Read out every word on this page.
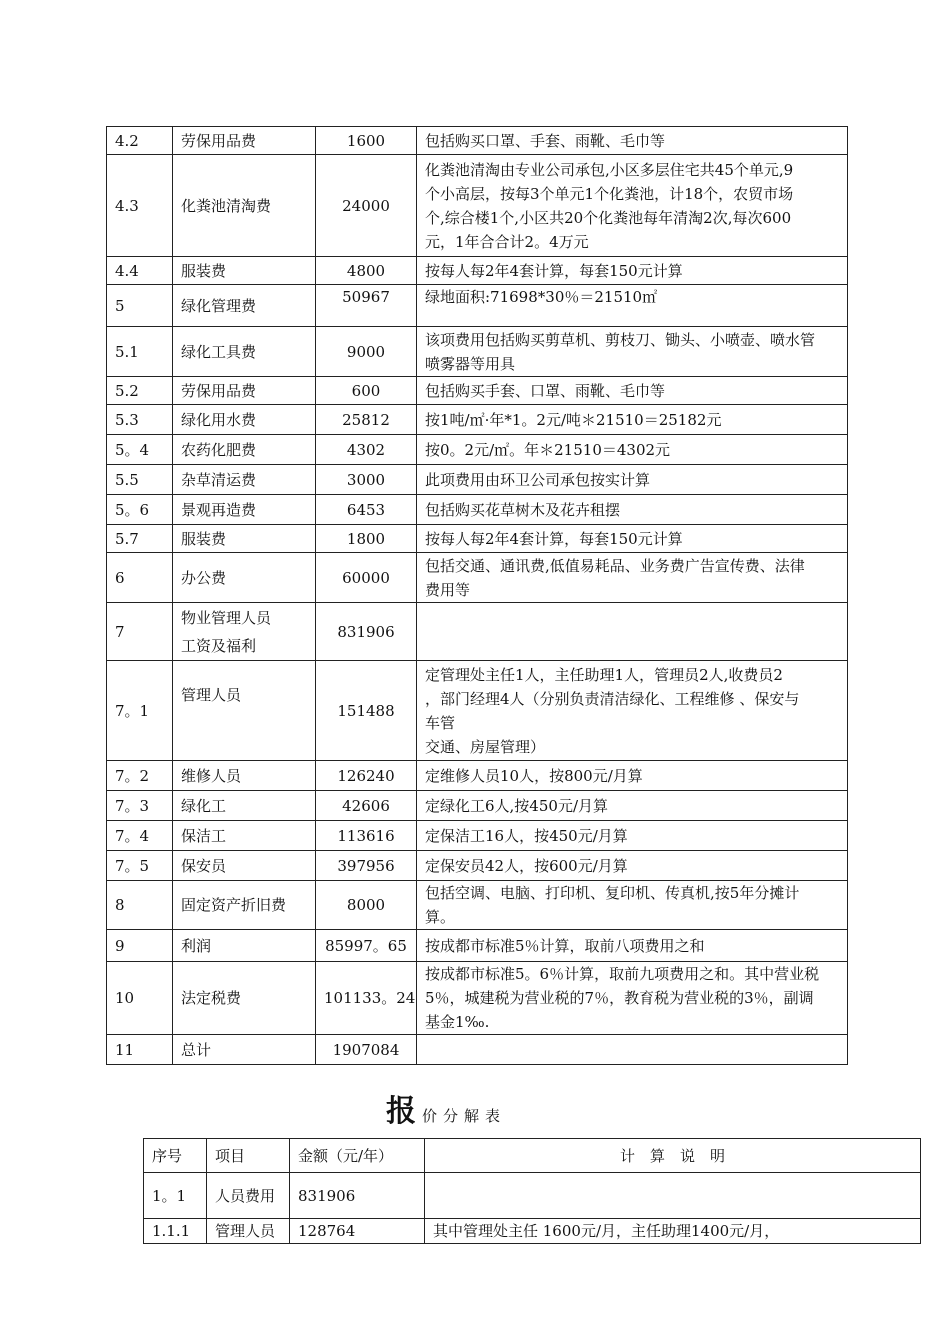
4.2	劳保用品费	1600	包括购买口罩、手套、雨靴、毛巾等

4.3	化粪池清淘费	24000	化粪池清淘由专业公司承包,小区多层住宅共45个单元,9
个小高层，按每3个单元1个化粪池，计18个，农贸市场
个,综合楼1个,小区共20个化粪池每年清淘2次,每次600
元，1年合合计2。4万元

4.4	服装费	4800	按每人每2年4套计算，每套150元计算

5	绿化管理费	50967	绿地面积:71698*30％＝21510㎡

5.1	绿化工具费	9000	该项费用包括购买剪草机、剪枝刀、锄头、小喷壶、喷水管
喷雾器等用具

5.2	劳保用品费	600	包括购买手套、口罩、雨靴、毛巾等

5.3	绿化用水费	25812	按1吨/㎡·年*1。2元/吨＊21510＝25182元

5。4	农药化肥费	4302	按0。2元/㎡。年＊21510＝4302元

5.5	杂草清运费	3000	此项费用由环卫公司承包按实计算

5。6	景观再造费	6453	包括购买花草树木及花卉租摆

5.7	服装费	1800	按每人每2年4套计算，每套150元计算

6	办公费	60000	包括交通、通讯费,低值易耗品、业务费广告宣传费、法律
费用等

7	物业管理人员
工资及福利	831906	

7。1	管理人员	151488	定管理处主任1人，主任助理1人，管理员2人,收费员2
，部门经理4人（分别负责清洁绿化、工程维修 、保安与
车管
交通、房屋管理）

7。2	维修人员	126240	定维修人员10人，按800元/月算

7。3	绿化工	42606	定绿化工6人,按450元/月算

7。4	保洁工	113616	定保洁工16人，按450元/月算

7。5	保安员	397956	定保安员42人，按600元/月算

8	固定资产折旧费	8000	包括空调、电脑、打印机、复印机、传真机,按5年分摊计
算。

9	利润	85997。65	按成都市标准5％计算，取前八项费用之和

10	法定税费	101133。24	按成都市标准5。6％计算，取前九项费用之和。其中营业税
5％，城建税为营业税的7％，教育税为营业税的3％，副调
基金1‰.

11	总计	1907084	
报价分解表
序号	项目	金额（元/年）	计　算　说　明
1。1	人员费用	831906	
1.1.1	管理人员	128764	其中管理处主任 1600元/月，主任助理1400元/月，
